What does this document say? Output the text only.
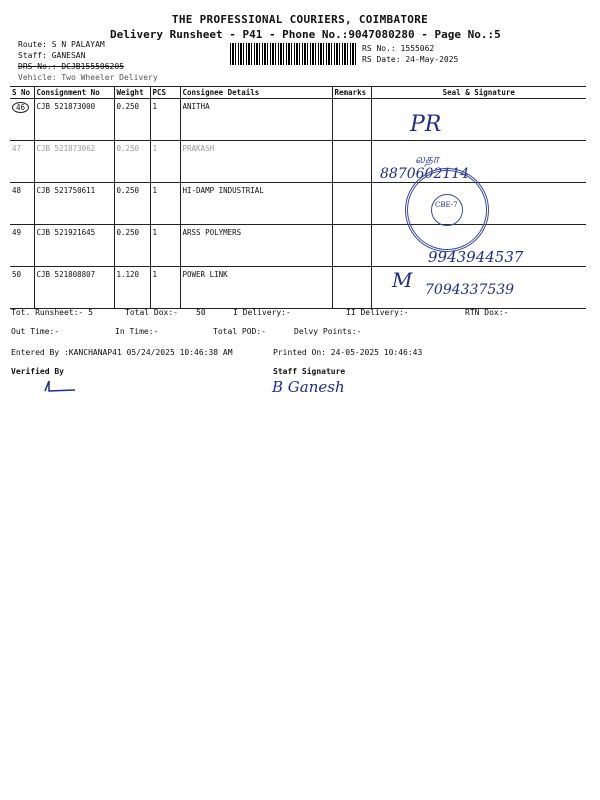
THE PROFESSIONAL COURIERS, COIMBATORE
Delivery Runsheet - P41 - Phone No.:9047080280 - Page No.:5
Route: S N PALAYAM
Staff: GANESAN
DRS No.: DCJB155506205
Vehicle: Two Wheeler Delivery
RS No.: 1555062
RS Date: 24-May-2025
S No	Consignment No	Weight	PCS	Consignee Details	Remarks	Seal & Signature
46	CJB 521873000	0.250	1	ANITHA		
47	CJB 521873062	0.250	1	PRAKASH		
48	CJB 521750611	0.250	1	HI-DAMP INDUSTRIAL		
49	CJB 521921645	0.250	1	ARSS POLYMERS		
50	CJB 521808807	1.120	1	POWER LINK		
PR
லதா
8870602114
CBE-7
9943944537
M 7094337539
Tot. Runsheet:- 5	Total Dox:- 50	I Delivery:-	II Delivery:-	RTN Dox:-
Out Time:-	In Time:-	Total POD:-	Delvy Points:-
Entered By :KANCHANAP41 05/24/2025 10:46:38 AM	Printed On: 24-05-2025 10:46:43
Verified By	Staff Signature
B Ganesh
